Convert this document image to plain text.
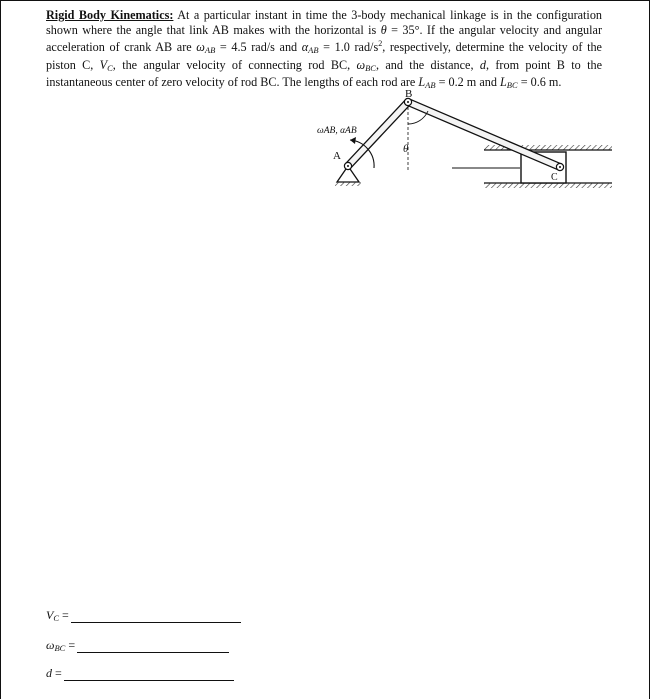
Rigid Body Kinematics: At a particular instant in time the 3-body mechanical linkage is in the configuration shown where the angle that link AB makes with the horizontal is θ = 35°. If the angular velocity and angular acceleration of crank AB are $\omega_{AB} = 4.5$ rad/s and $\alpha_{AB} = 1.0$ rad/$s^2$, respectively, determine the velocity of the piston C, $V_C$, the angular velocity of connecting rod BC, $\omega_{BC}$, and the distance, d, from point B to the instantaneous center of zero velocity of rod BC. The lengths of each rod are $L_{AB} = 0.2$ m and $L_{BC} = 0.6$ m.
B
A
C
θ
ωAB, αAB
$V_C$ =
$\omega_{BC}$ =
d =
